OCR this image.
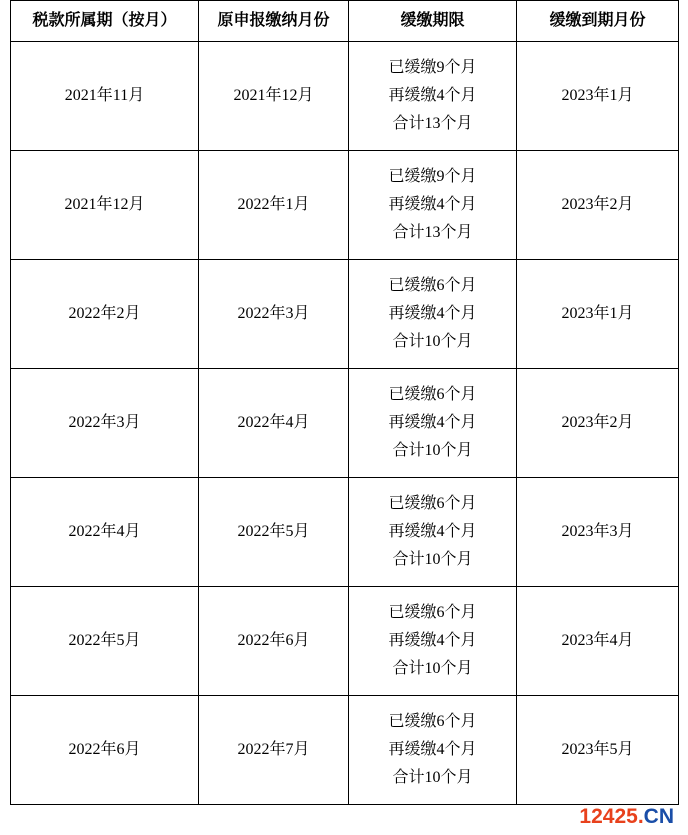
税款所属期（按月）	原申报缴纳月份	缓缴期限	缓缴到期月份
2021年11月	2021年12月	已缓缴9个月
再缓缴4个月
合计13个月	2023年1月
2021年12月	2022年1月	已缓缴9个月
再缓缴4个月
合计13个月	2023年2月
2022年2月	2022年3月	已缓缴6个月
再缓缴4个月
合计10个月	2023年1月
2022年3月	2022年4月	已缓缴6个月
再缓缴4个月
合计10个月	2023年2月
2022年4月	2022年5月	已缓缴6个月
再缓缴4个月
合计10个月	2023年3月
2022年5月	2022年6月	已缓缴6个月
再缓缴4个月
合计10个月	2023年4月
2022年6月	2022年7月	已缓缴6个月
再缓缴4个月
合计10个月	2023年5月
12425.CN
